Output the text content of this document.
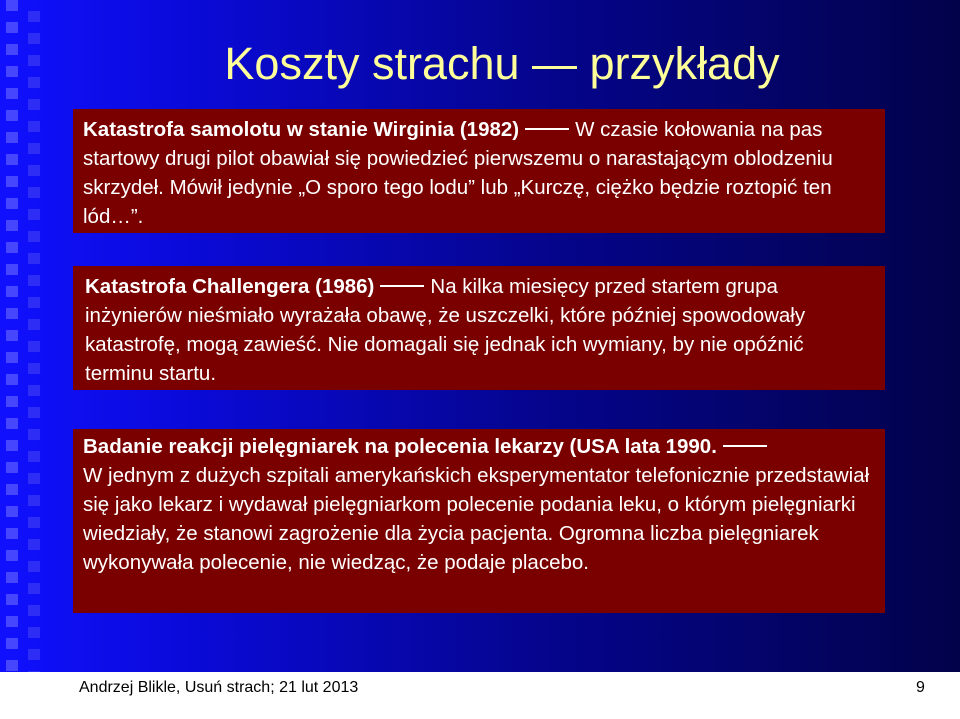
Koszty strachu — przykłady
Katastrofa samolotu w stanie Wirginia (1982)	W czasie kołowania na pas startowy drugi pilot obawiał się powiedzieć pierwszemu o narastającym oblodzeniu skrzydeł. Mówił jedynie „O sporo tego lodu” lub „Kurczę, ciężko będzie roztopić ten lód…”.
Katastrofa Challengera (1986)	Na kilka miesięcy przed startem grupa inżynierów nieśmiało wyrażała obawę, że uszczelki, które później spowodowały katastrofę, mogą zawieść. Nie domagali się jednak ich wymiany, by nie opóźnić terminu startu.
Badanie reakcji pielęgniarek na polecenia lekarzy (USA lata 1990.
W jednym z dużych szpitali amerykańskich eksperymentator telefonicznie przedstawiał się jako lekarz i wydawał pielęgniarkom polecenie podania leku, o którym pielęgniarki wiedziały, że stanowi zagrożenie dla życia pacjenta. Ogromna liczba pielęgniarek wykonywała polecenie, nie wiedząc, że podaje placebo.
Andrzej Blikle, Usuń strach; 21 lut 2013	9
